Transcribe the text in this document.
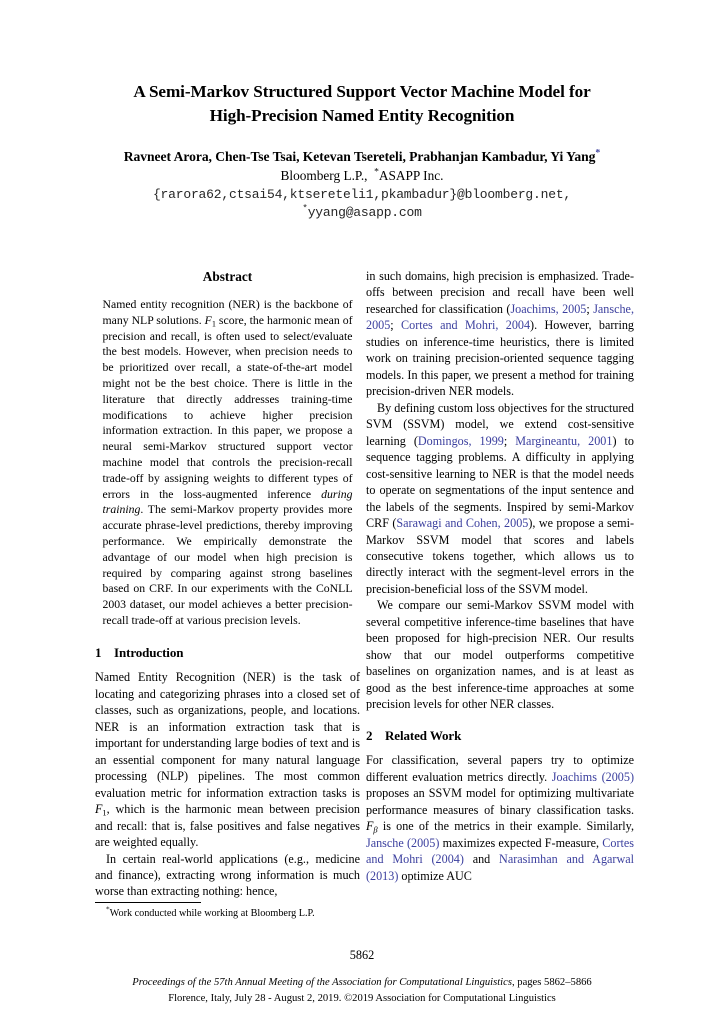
A Semi-Markov Structured Support Vector Machine Model for
High-Precision Named Entity Recognition
Ravneet Arora, Chen-Tse Tsai, Ketevan Tsereteli, Prabhanjan Kambadur, Yi Yang*
Bloomberg L.P., *ASAPP Inc.
{rarora62,ctsai54,ktsereteli1,pkambadur}@bloomberg.net,
*yyang@asapp.com
Abstract

Named entity recognition (NER) is the backbone of many NLP solutions. $F_1$ score, the harmonic mean of precision and recall, is often used to select/evaluate the best models. However, when precision needs to be prioritized over recall, a state-of-the-art model might not be the best choice. There is little in the literature that directly addresses training-time modifications to achieve higher precision information extraction. In this paper, we propose a neural semi-Markov structured support vector machine model that controls the precision-recall trade-off by assigning weights to different types of errors in the loss-augmented inference during training. The semi-Markov property provides more accurate phrase-level predictions, thereby improving performance. We empirically demonstrate the advantage of our model when high precision is required by comparing against strong baselines based on CRF. In our experiments with the CoNLL 2003 dataset, our model achieves a better precision-recall trade-off at various precision levels.

1 Introduction

Named Entity Recognition (NER) is the task of locating and categorizing phrases into a closed set of classes, such as organizations, people, and locations. NER is an information extraction task that is important for understanding large bodies of text and is an essential component for many natural language processing (NLP) pipelines. The most common evaluation metric for information extraction tasks is $F_1$, which is the harmonic mean between precision and recall: that is, false positives and false negatives are weighted equally.

In certain real-world applications (e.g., medicine and finance), extracting wrong information is much worse than extracting nothing: hence,

in such domains, high precision is emphasized. Trade-offs between precision and recall have been well researched for classification (Joachims, 2005; Jansche, 2005; Cortes and Mohri, 2004). However, barring studies on inference-time heuristics, there is limited work on training precision-oriented sequence tagging models. In this paper, we present a method for training precision-driven NER models.

By defining custom loss objectives for the structured SVM (SSVM) model, we extend cost-sensitive learning (Domingos, 1999; Margineantu, 2001) to sequence tagging problems. A difficulty in applying cost-sensitive learning to NER is that the model needs to operate on segmentations of the input sentence and the labels of the segments. Inspired by semi-Markov CRF (Sarawagi and Cohen, 2005), we propose a semi-Markov SSVM model that scores and labels consecutive tokens together, which allows us to directly interact with the segment-level errors in the precision-beneficial loss of the SSVM model.

We compare our semi-Markov SSVM model with several competitive inference-time baselines that have been proposed for high-precision NER. Our results show that our model outperforms competitive baselines on organization names, and is at least as good as the best inference-time approaches at some precision levels for other NER classes.

2 Related Work

For classification, several papers try to optimize different evaluation metrics directly. Joachims (2005) proposes an SSVM model for optimizing multivariate performance measures of binary classification tasks. $F_\beta$ is one of the metrics in their example. Similarly, Jansche (2005) maximizes expected F-measure, Cortes and Mohri (2004) and Narasimhan and Agarwal (2013) optimize AUC

*Work conducted while working at Bloomberg L.P.
5862
Proceedings of the 57th Annual Meeting of the Association for Computational Linguistics, pages 5862–5866
Florence, Italy, July 28 - August 2, 2019. ©2019 Association for Computational Linguistics
